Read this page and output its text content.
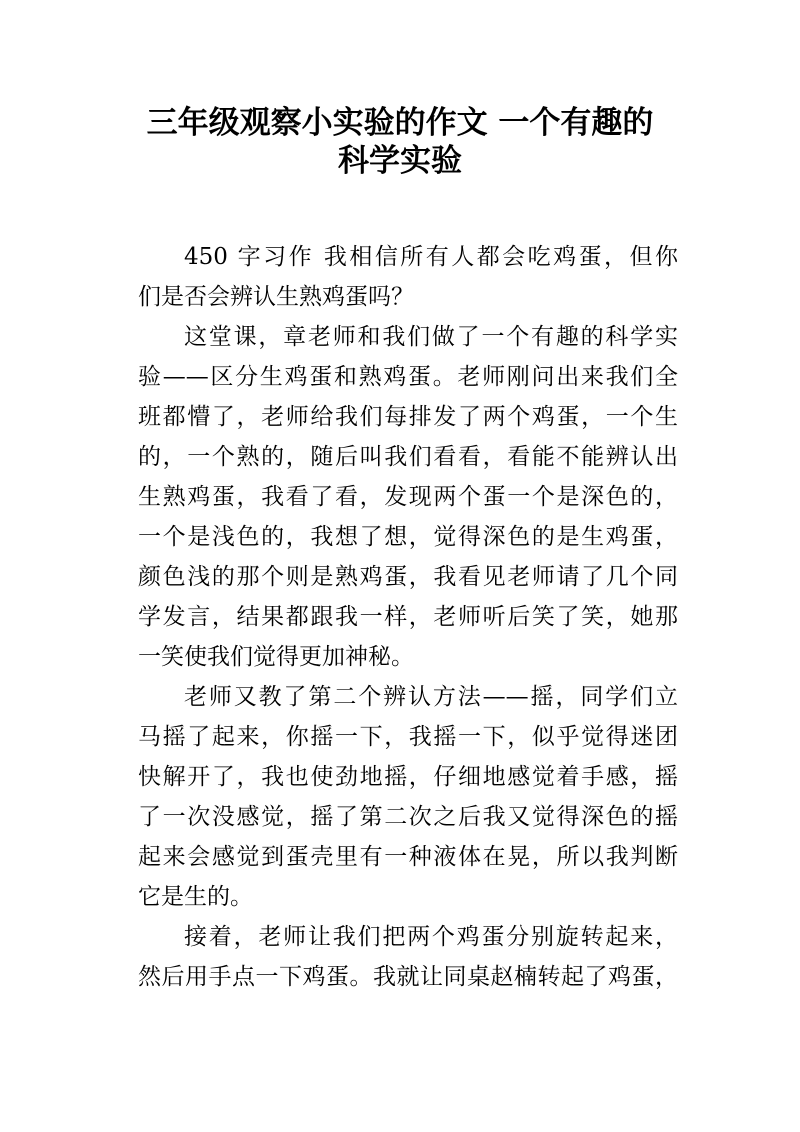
三年级观察小实验的作文 一个有趣的
科学实验
450 字习作 我相信所有人都会吃鸡蛋，但你
们是否会辨认生熟鸡蛋吗？
这堂课，章老师和我们做了一个有趣的科学实
验——区分生鸡蛋和熟鸡蛋。老师刚问出来我们全
班都懵了，老师给我们每排发了两个鸡蛋，一个生
的，一个熟的，随后叫我们看看，看能不能辨认出
生熟鸡蛋，我看了看，发现两个蛋一个是深色的，
一个是浅色的，我想了想，觉得深色的是生鸡蛋，
颜色浅的那个则是熟鸡蛋，我看见老师请了几个同
学发言，结果都跟我一样，老师听后笑了笑，她那
一笑使我们觉得更加神秘。
老师又教了第二个辨认方法——摇，同学们立
马摇了起来，你摇一下，我摇一下，似乎觉得迷团
快解开了，我也使劲地摇，仔细地感觉着手感，摇
了一次没感觉，摇了第二次之后我又觉得深色的摇
起来会感觉到蛋壳里有一种液体在晃，所以我判断
它是生的。
接着，老师让我们把两个鸡蛋分别旋转起来，
然后用手点一下鸡蛋。我就让同桌赵楠转起了鸡蛋，
